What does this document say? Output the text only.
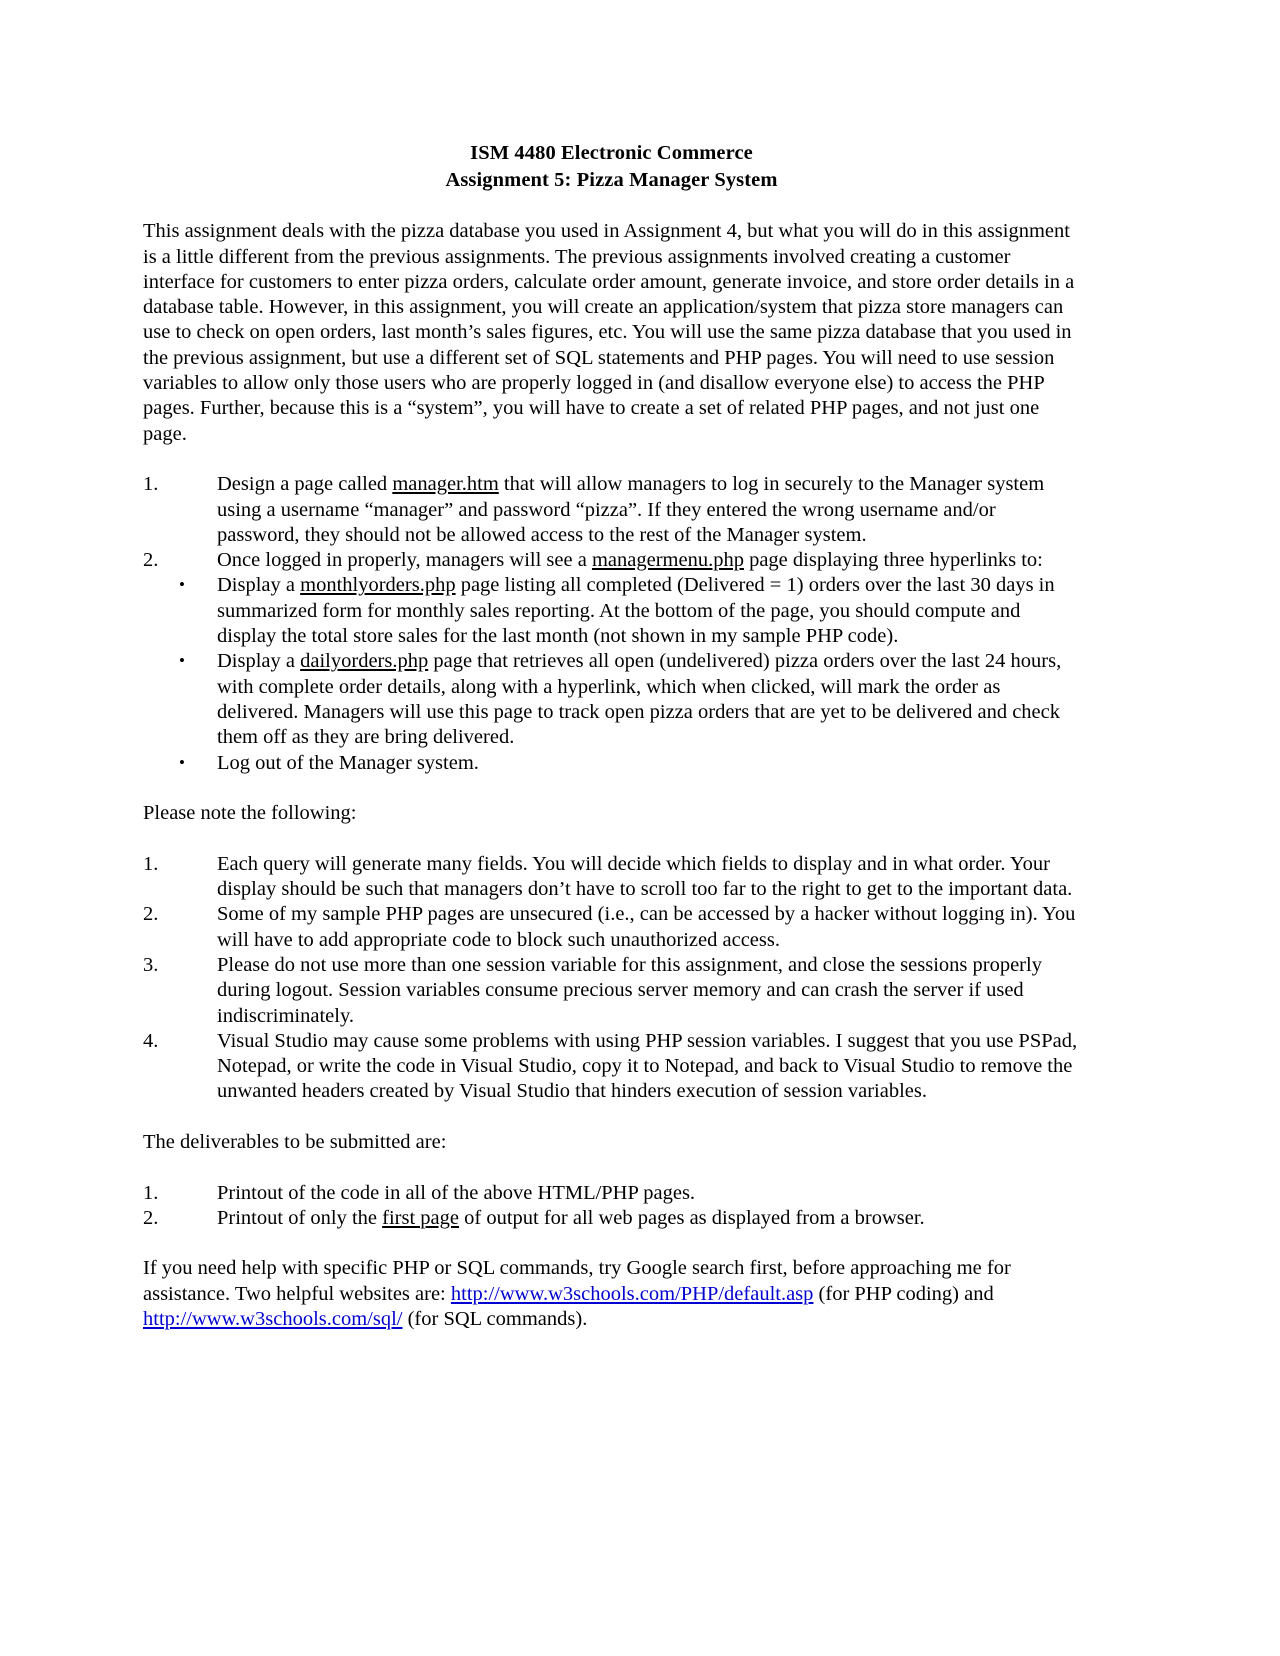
ISM 4480 Electronic Commerce
Assignment 5: Pizza Manager System

This assignment deals with the pizza database you used in Assignment 4, but what you will do in this assignment is a little different from the previous assignments. The previous assignments involved creating a customer interface for customers to enter pizza orders, calculate order amount, generate invoice, and store order details in a database table. However, in this assignment, you will create an application/system that pizza store managers can use to check on open orders, last month’s sales figures, etc. You will use the same pizza database that you used in the previous assignment, but use a different set of SQL statements and PHP pages. You will need to use session variables to allow only those users who are properly logged in (and disallow everyone else) to access the PHP pages. Further, because this is a “system”, you will have to create a set of related PHP pages, and not just one page.

1.	Design a page called manager.htm that will allow managers to log in securely to the Manager system using a username “manager” and password “pizza”. If they entered the wrong username and/or password, they should not be allowed access to the rest of the Manager system.
2.	Once logged in properly, managers will see a managermenu.php page displaying three hyperlinks to:
• Display a monthlyorders.php page listing all completed (Delivered = 1) orders over the last 30 days in summarized form for monthly sales reporting. At the bottom of the page, you should compute and display the total store sales for the last month (not shown in my sample PHP code).
• Display a dailyorders.php page that retrieves all open (undelivered) pizza orders over the last 24 hours, with complete order details, along with a hyperlink, which when clicked, will mark the order as delivered. Managers will use this page to track open pizza orders that are yet to be delivered and check them off as they are bring delivered.
• Log out of the Manager system.

Please note the following:

1.	Each query will generate many fields. You will decide which fields to display and in what order. Your display should be such that managers don’t have to scroll too far to the right to get to the important data.
2.	Some of my sample PHP pages are unsecured (i.e., can be accessed by a hacker without logging in). You will have to add appropriate code to block such unauthorized access.
3.	Please do not use more than one session variable for this assignment, and close the sessions properly during logout. Session variables consume precious server memory and can crash the server if used indiscriminately.
4.	Visual Studio may cause some problems with using PHP session variables. I suggest that you use PSPad, Notepad, or write the code in Visual Studio, copy it to Notepad, and back to Visual Studio to remove the unwanted headers created by Visual Studio that hinders execution of session variables.

The deliverables to be submitted are:

1.	Printout of the code in all of the above HTML/PHP pages.
2.	Printout of only the first page of output for all web pages as displayed from a browser.

If you need help with specific PHP or SQL commands, try Google search first, before approaching me for assistance. Two helpful websites are: http://www.w3schools.com/PHP/default.asp (for PHP coding) and http://www.w3schools.com/sql/ (for SQL commands).
